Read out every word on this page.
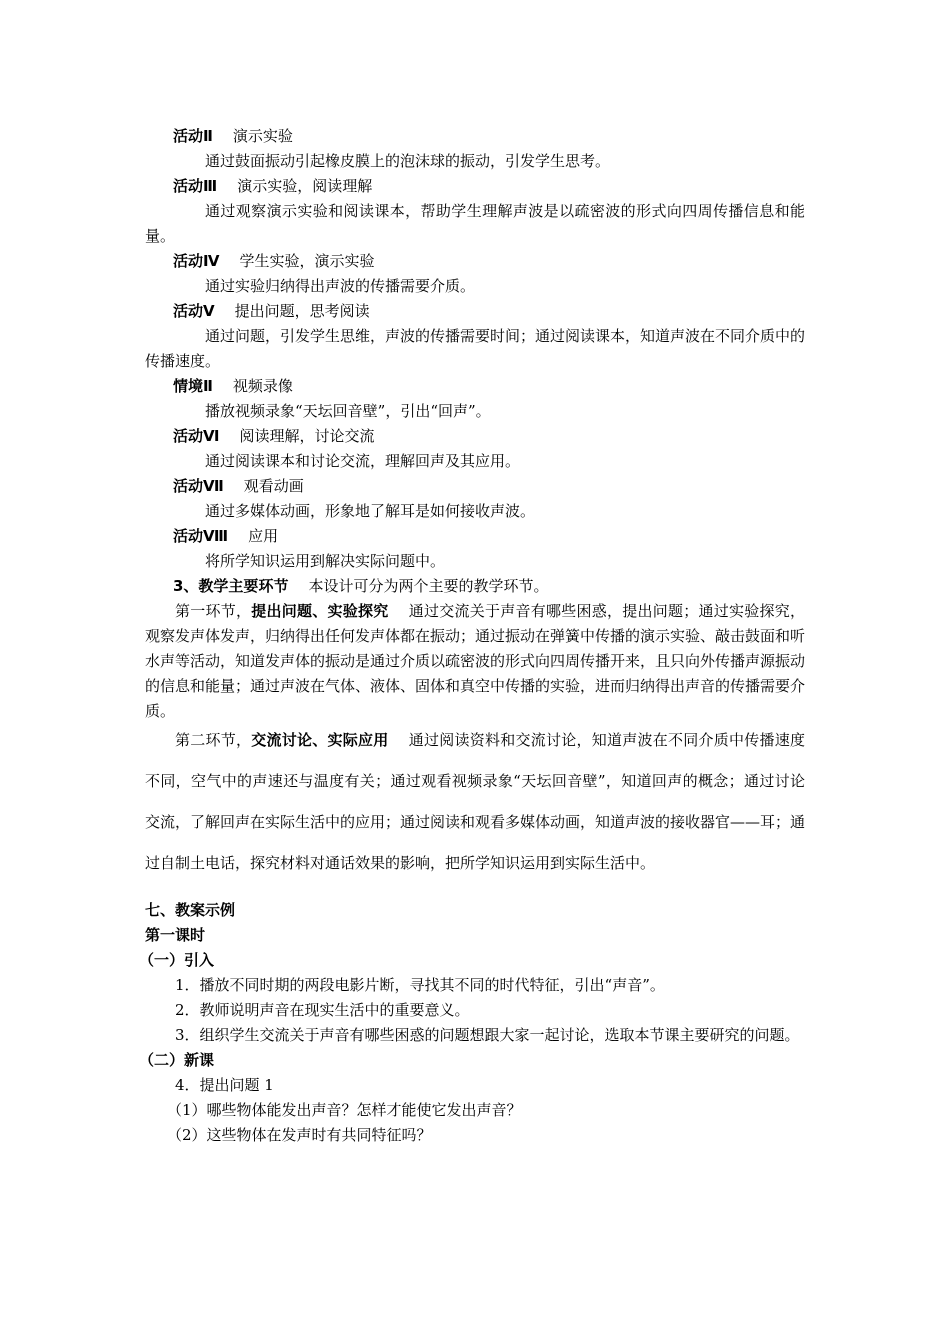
活动Ⅱ 演示实验
通过鼓面振动引起橡皮膜上的泡沫球的振动，引发学生思考。
活动Ⅲ 演示实验，阅读理解
通过观察演示实验和阅读课本，帮助学生理解声波是以疏密波的形式向四周传播信息和能量。
活动Ⅳ 学生实验，演示实验
通过实验归纳得出声波的传播需要介质。
活动Ⅴ 提出问题，思考阅读
通过问题，引发学生思维，声波的传播需要时间；通过阅读课本，知道声波在不同介质中的传播速度。
情境Ⅱ 视频录像
播放视频录象“天坛回音壁”，引出“回声”。
活动Ⅵ 阅读理解，讨论交流
通过阅读课本和讨论交流，理解回声及其应用。
活动Ⅶ 观看动画
通过多媒体动画，形象地了解耳是如何接收声波。
活动Ⅷ 应用
将所学知识运用到解决实际问题中。
3、教学主要环节 本设计可分为两个主要的教学环节。
第一环节，提出问题、实验探究 通过交流关于声音有哪些困惑，提出问题；通过实验探究，观察发声体发声，归纳得出任何发声体都在振动；通过振动在弹簧中传播的演示实验、敲击鼓面和听水声等活动，知道发声体的振动是通过介质以疏密波的形式向四周传播开来，且只向外传播声源振动的信息和能量；通过声波在气体、液体、固体和真空中传播的实验，进而归纳得出声音的传播需要介质。
第二环节，交流讨论、实际应用 通过阅读资料和交流讨论，知道声波在不同介质中传播速度不同，空气中的声速还与温度有关；通过观看视频录象“天坛回音壁”，知道回声的概念；通过讨论交流，了解回声在实际生活中的应用；通过阅读和观看多媒体动画，知道声波的接收器官——耳；通过自制土电话，探究材料对通话效果的影响，把所学知识运用到实际生活中。
七、教案示例
第一课时
（一）引入
1．播放不同时期的两段电影片断，寻找其不同的时代特征，引出“声音”。
2．教师说明声音在现实生活中的重要意义。
3．组织学生交流关于声音有哪些困惑的问题想跟大家一起讨论，选取本节课主要研究的问题。
（二）新课
4．提出问题 1
（1）哪些物体能发出声音？怎样才能使它发出声音？
（2）这些物体在发声时有共同特征吗？
